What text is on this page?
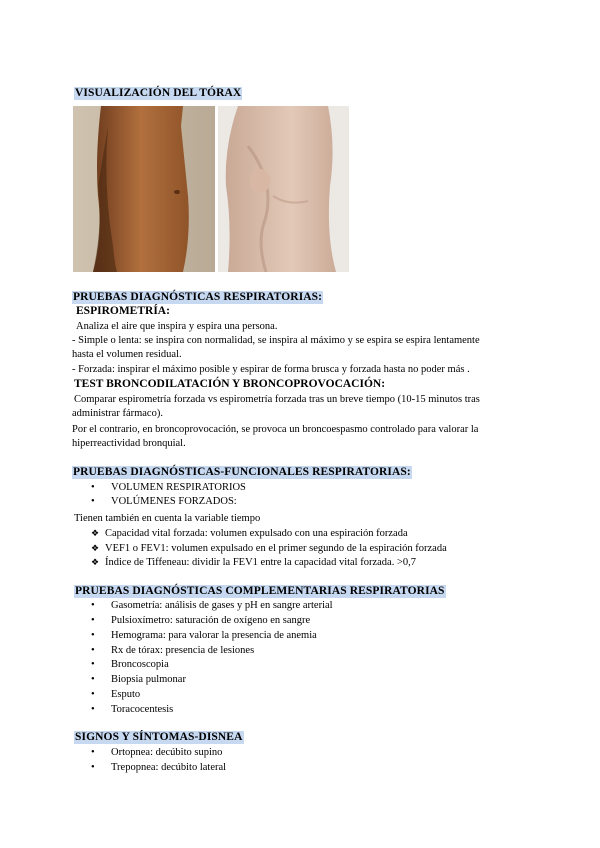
VISUALIZACIÓN DEL TÓRAX
PRUEBAS DIAGNÓSTICAS RESPIRATORIAS:
ESPIROMETRÍA:
Analiza el aire que inspira y espira una persona.
- Simple o lenta: se inspira con normalidad, se inspira al máximo y se espira se espira lentamente
hasta el volumen residual.
- Forzada: inspirar el máximo posible y espirar de forma brusca y forzada hasta no poder más .
TEST BRONCODILATACIÓN Y BRONCOPROVOCACIÓN:
Comparar espirometría forzada vs espirometría forzada tras un breve tiempo (10-15 minutos tras
administrar fármaco).
Por el contrario, en broncoprovocación, se provoca un broncoespasmo controlado para valorar la
hiperreactividad bronquial.
PRUEBAS DIAGNÓSTICAS-FUNCIONALES RESPIRATORIAS:
• VOLUMEN RESPIRATORIOS
• VOLÚMENES FORZADOS:
Tienen también en cuenta la variable tiempo
❖ Capacidad vital forzada: volumen expulsado con una espiración forzada
❖ VEF1 o FEV1: volumen expulsado en el primer segundo de la espiración forzada
❖ Índice de Tiffeneau: dividir la FEV1 entre la capacidad vital forzada. >0,7
PRUEBAS DIAGNÓSTICAS COMPLEMENTARIAS RESPIRATORIAS
• Gasometría: análisis de gases y pH en sangre arterial
• Pulsioxímetro: saturación de oxígeno en sangre
• Hemograma: para valorar la presencia de anemia
• Rx de tórax: presencia de lesiones
• Broncoscopia
• Biopsia pulmonar
• Esputo
• Toracocentesis
SIGNOS Y SÍNTOMAS-DISNEA
• Ortopnea: decúbito supino
• Trepopnea: decúbito lateral
